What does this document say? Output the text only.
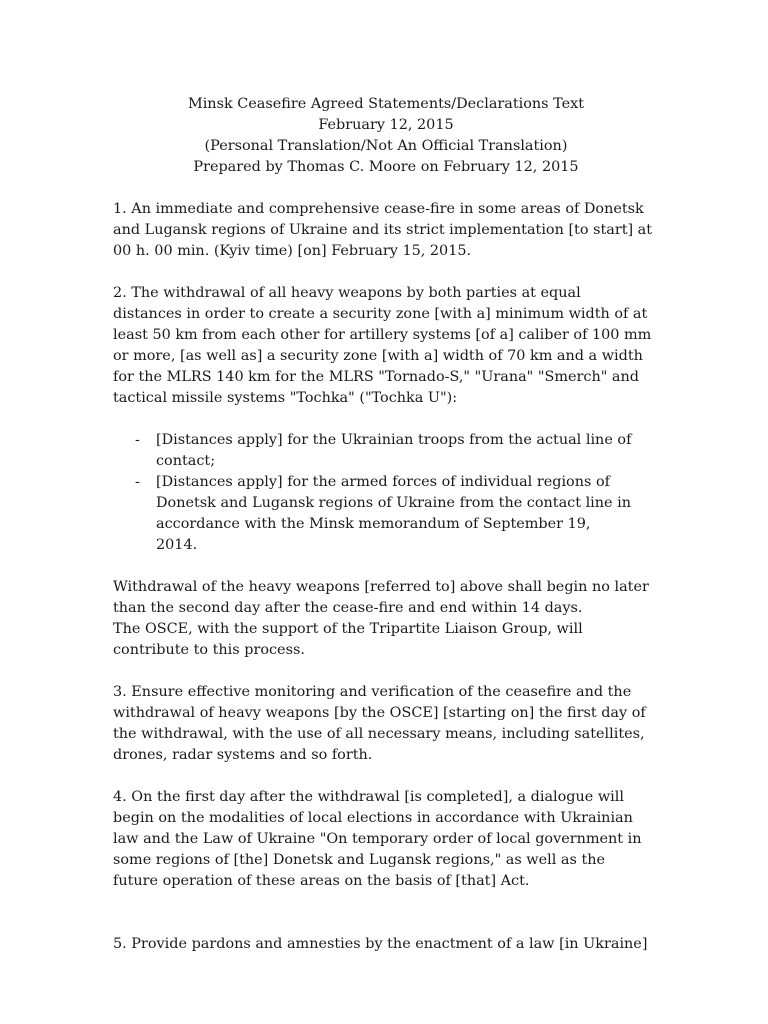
Minsk Ceasefire Agreed Statements/Declarations Text
February 12, 2015
(Personal Translation/Not An Official Translation)
Prepared by Thomas C. Moore on February 12, 2015

1. An immediate and comprehensive cease-fire in some areas of Donetsk and Lugansk regions of Ukraine and its strict implementation [to start] at 00 h. 00 min. (Kyiv time) [on] February 15, 2015.

2. The withdrawal of all heavy weapons by both parties at equal distances in order to create a security zone [with a] minimum width of at least 50 km from each other for artillery systems [of a] caliber of 100 mm or more, [as well as] a security zone [with a] width of 70 km and a width for the MLRS 140 km for the MLRS "Tornado-S," "Urana" "Smerch" and tactical missile systems "Tochka" ("Tochka U"):

- [Distances apply] for the Ukrainian troops from the actual line of contact;
- [Distances apply] for the armed forces of individual regions of Donetsk and Lugansk regions of Ukraine from the contact line in accordance with the Minsk memorandum of September 19, 2014.

Withdrawal of the heavy weapons [referred to] above shall begin no later than the second day after the cease-fire and end within 14 days.

The OSCE, with the support of the Tripartite Liaison Group, will contribute to this process.

3. Ensure effective monitoring and verification of the ceasefire and the withdrawal of heavy weapons [by the OSCE] [starting on] the first day of the withdrawal, with the use of all necessary means, including satellites, drones, radar systems and so forth.

4. On the first day after the withdrawal [is completed], a dialogue will begin on the modalities of local elections in accordance with Ukrainian law and the Law of Ukraine "On temporary order of local government in some regions of [the] Donetsk and Lugansk regions," as well as the future operation of these areas on the basis of [that] Act.

5. Provide pardons and amnesties by the enactment of a law [in Ukraine]
